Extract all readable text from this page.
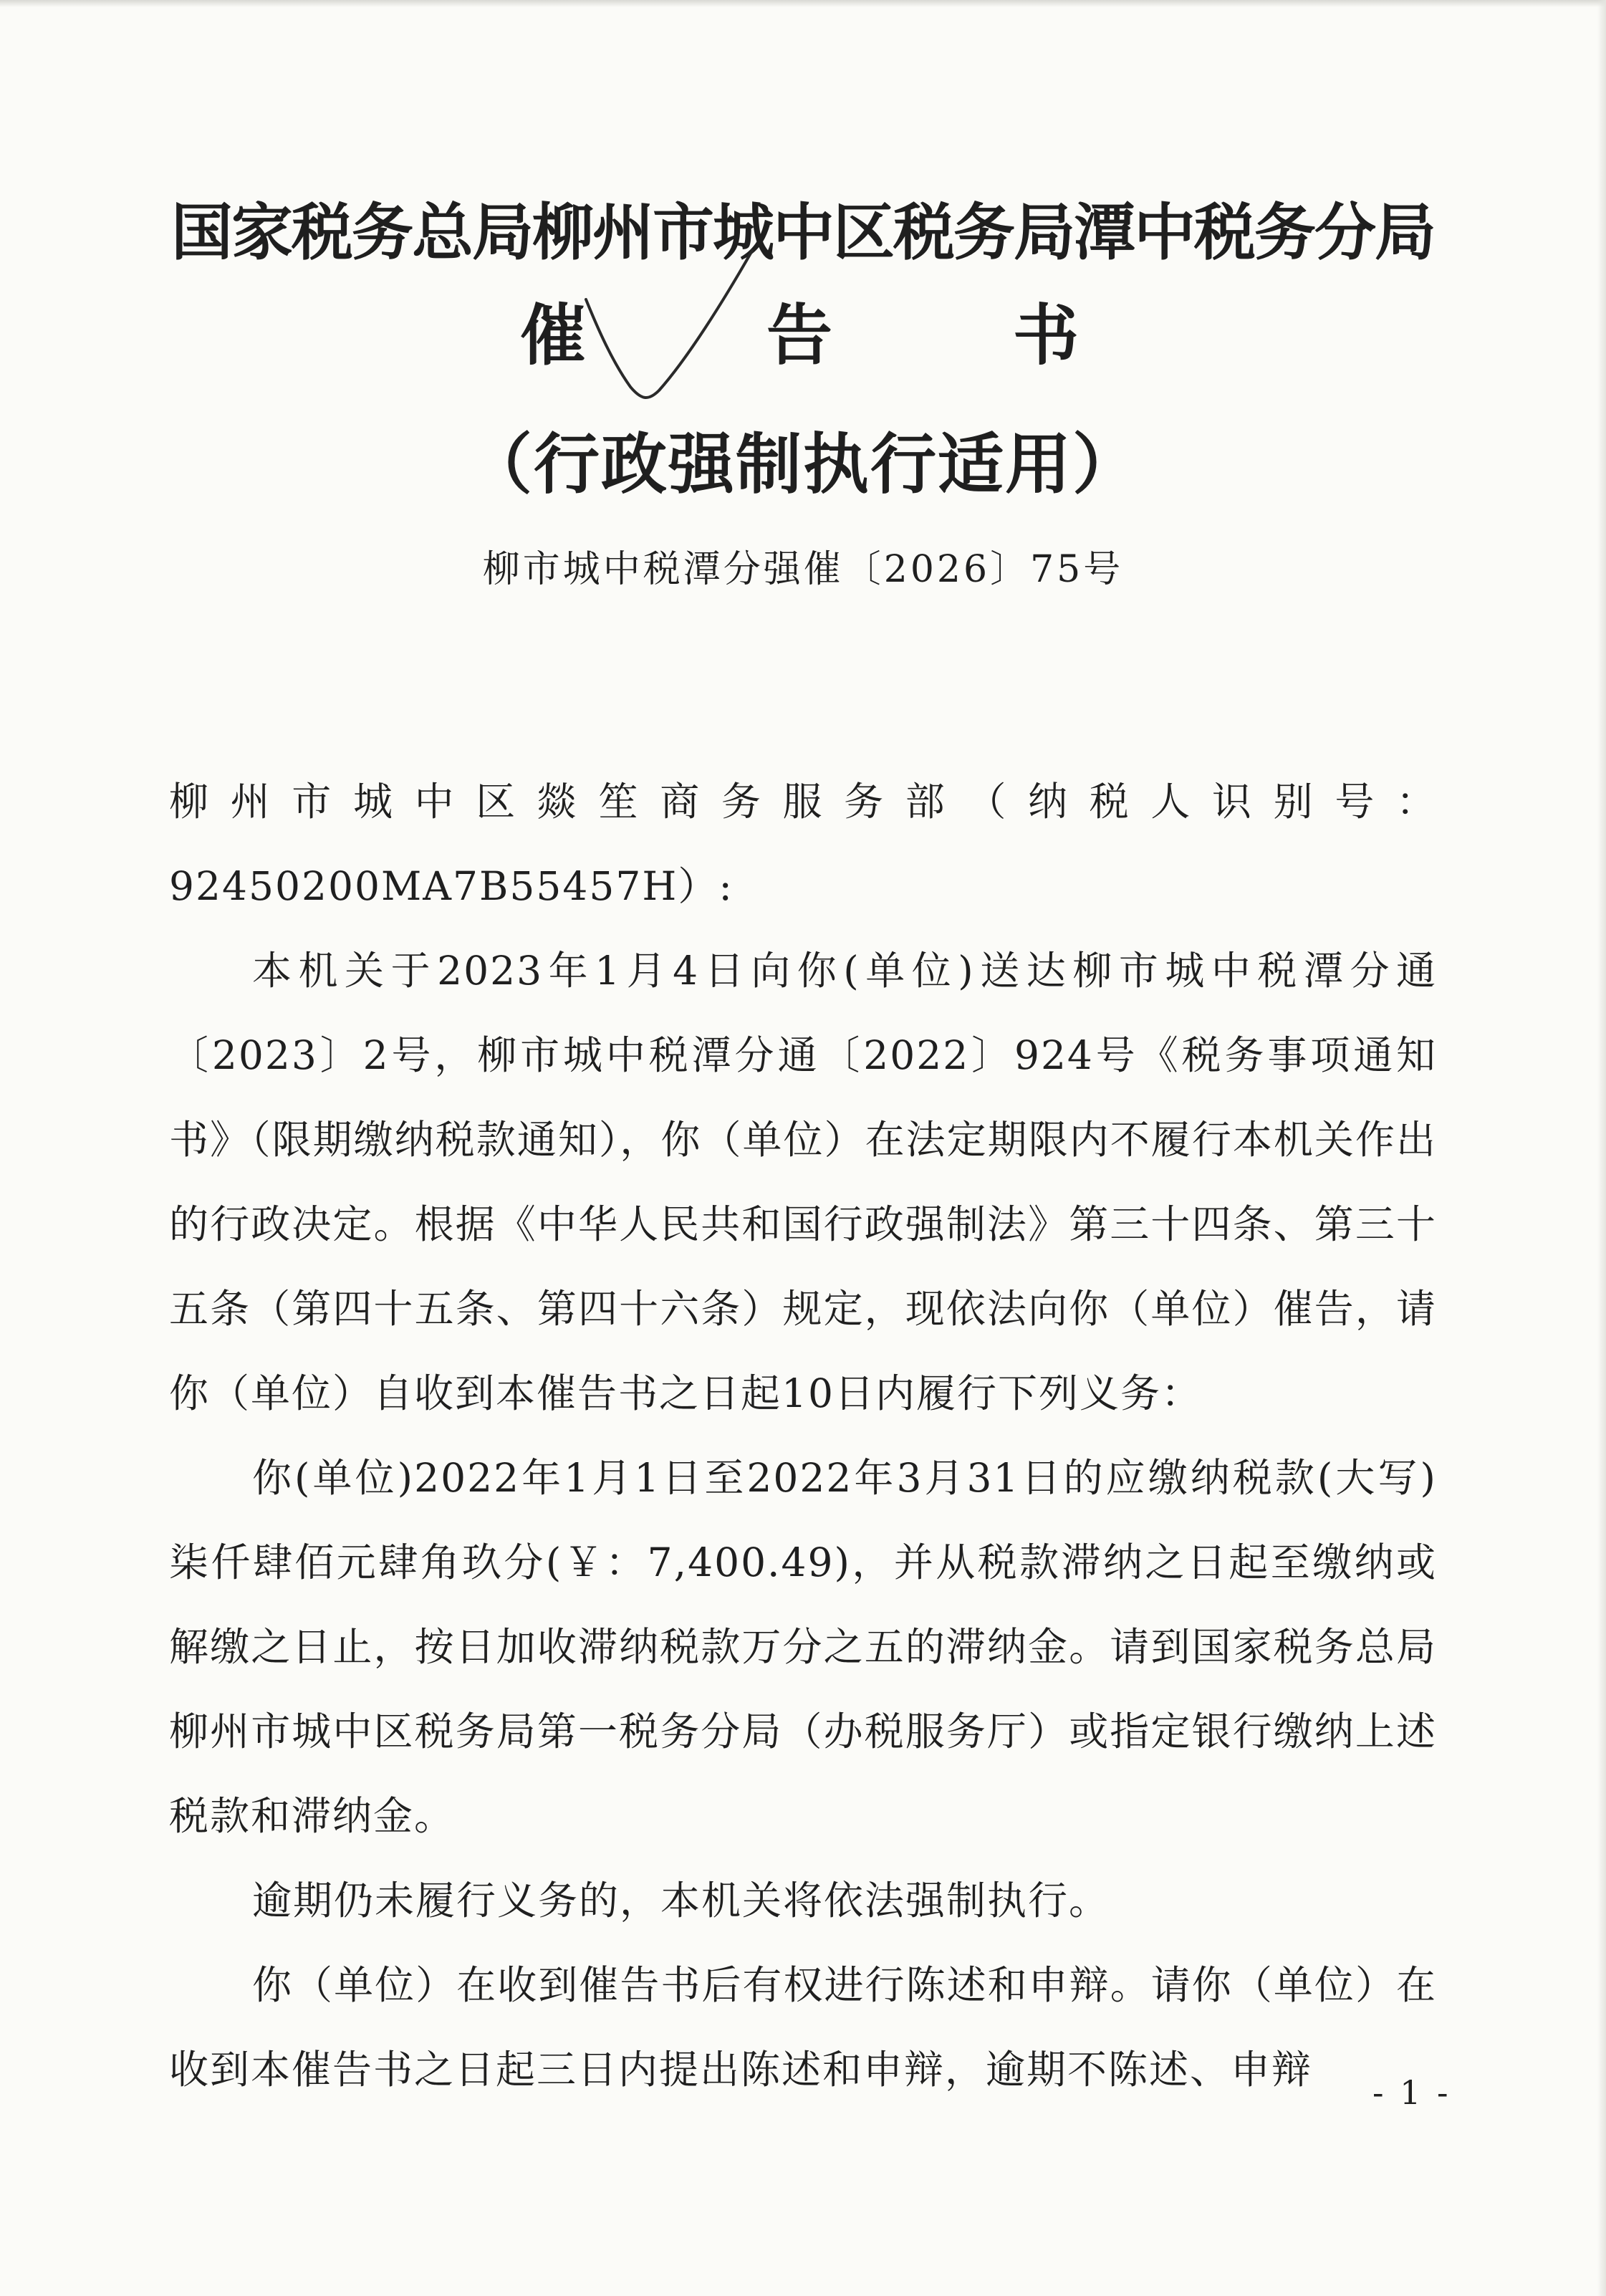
国家税务总局柳州市城中区税务局潭中税务分局
催 告 书
（行政强制执行适用）
柳市城中税潭分强催〔2026〕75号

柳州市城中区燚笙商务服务部（纳税人识别号：92450200MA7B55457H）:

本机关于2023年1月4日向你(单位)送达柳市城中税潭分通〔2023〕2号，柳市城中税潭分通〔2022〕924号《税务事项通知书》（限期缴纳税款通知），你（单位）在法定期限内不履行本机关作出的行政决定。根据《中华人民共和国行政强制法》第三十四条、第三十五条（第四十五条、第四十六条）规定，现依法向你（单位）催告，请你（单位）自收到本催告书之日起10日内履行下列义务：

你(单位)2022年1月1日至2022年3月31日的应缴纳税款(大写)柒仟肆佰元肆角玖分(￥：7,400.49)，并从税款滞纳之日起至缴纳或解缴之日止，按日加收滞纳税款万分之五的滞纳金。请到国家税务总局柳州市城中区税务局第一税务分局（办税服务厅）或指定银行缴纳上述税款和滞纳金。

逾期仍未履行义务的，本机关将依法强制执行。

你（单位）在收到催告书后有权进行陈述和申辩。请你（单位）在收到本催告书之日起三日内提出陈述和申辩，逾期不陈述、申辩	- 1 -
